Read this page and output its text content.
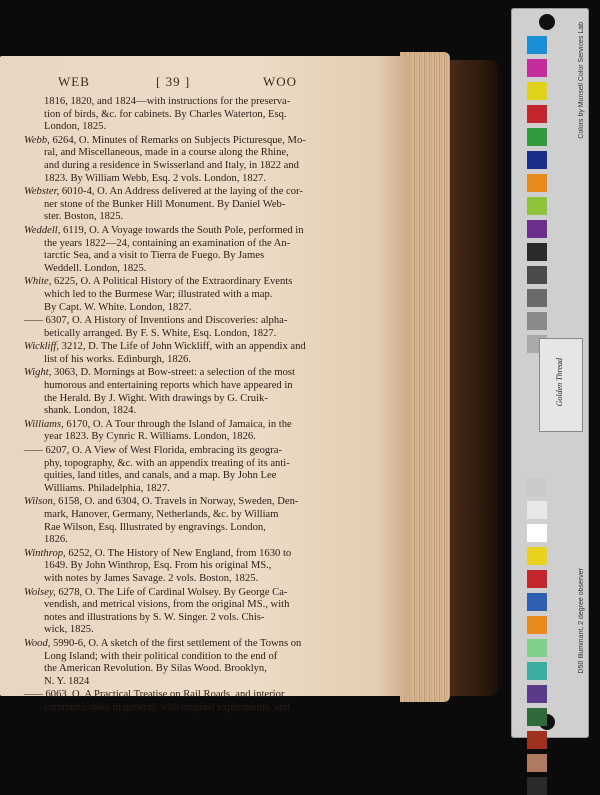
WEB	[ 39 ]	WOO
1816, 1820, and 1824—with instructions for the preserva-
tion of birds, &c. for cabinets. By Charles Waterton, Esq.
London, 1825.
Webb, 6264, O. Minutes of Remarks on Subjects Picturesque, Mo-
ral, and Miscellaneous, made in a course along the Rhine,
and during a residence in Swisserland and Italy, in 1822 and
1823. By William Webb, Esq. 2 vols. London, 1827.
Webster, 6010-4, O. An Address delivered at the laying of the cor-
ner stone of the Bunker Hill Monument. By Daniel Web-
ster. Boston, 1825.
Weddell, 6119, O. A Voyage towards the South Pole, performed in
the years 1822—24, containing an examination of the An-
tarctic Sea, and a visit to Tierra de Fuego. By James
Weddell. London, 1825.
White, 6225, O. A Political History of the Extraordinary Events
which led to the Burmese War; illustrated with a map.
By Capt. W. White. London, 1827.
—— 6307, O. A History of Inventions and Discoveries: alpha-
betically arranged. By F. S. White, Esq. London, 1827.
Wickliff, 3212, D. The Life of John Wickliff, with an appendix and
list of his works. Edinburgh, 1826.
Wight, 3063, D. Mornings at Bow-street: a selection of the most
humorous and entertaining reports which have appeared in
the Herald. By J. Wight. With drawings by G. Cruik-
shank. London, 1824.
Williams, 6170, O. A Tour through the Island of Jamaica, in the
year 1823. By Cynric R. Williams. London, 1826.
—— 6207, O. A View of West Florida, embracing its geogra-
phy, topography, &c. with an appendix treating of its anti-
quities, land titles, and canals, and a map. By John Lee
Williams. Philadelphia, 1827.
Wilson, 6158, O. and 6304, O. Travels in Norway, Sweden, Den-
mark, Hanover, Germany, Netherlands, &c. by William
Rae Wilson, Esq. Illustrated by engravings. London,
1826.
Winthrop, 6252, O. The History of New England, from 1630 to
1649. By John Winthrop, Esq. From his original MS.,
with notes by James Savage. 2 vols. Boston, 1825.
Wolsey, 6278, O. The Life of Cardinal Wolsey. By George Ca-
vendish, and metrical visions, from the original MS., with
notes and illustrations by S. W. Singer. 2 vols. Chis-
wick, 1825.
Wood, 5990-6, O. A sketch of the first settlement of the Towns on
Long Island; with their political condition to the end of
the American Revolution. By Silas Wood. Brooklyn,
N. Y. 1824
—— 6063, O. A Practical Treatise on Rail Roads, and interior
communication in general; with original experiments, and
Golden Thread
Colors by Munsell Color Services Lab
D50 Illuminant, 2 degree observer
